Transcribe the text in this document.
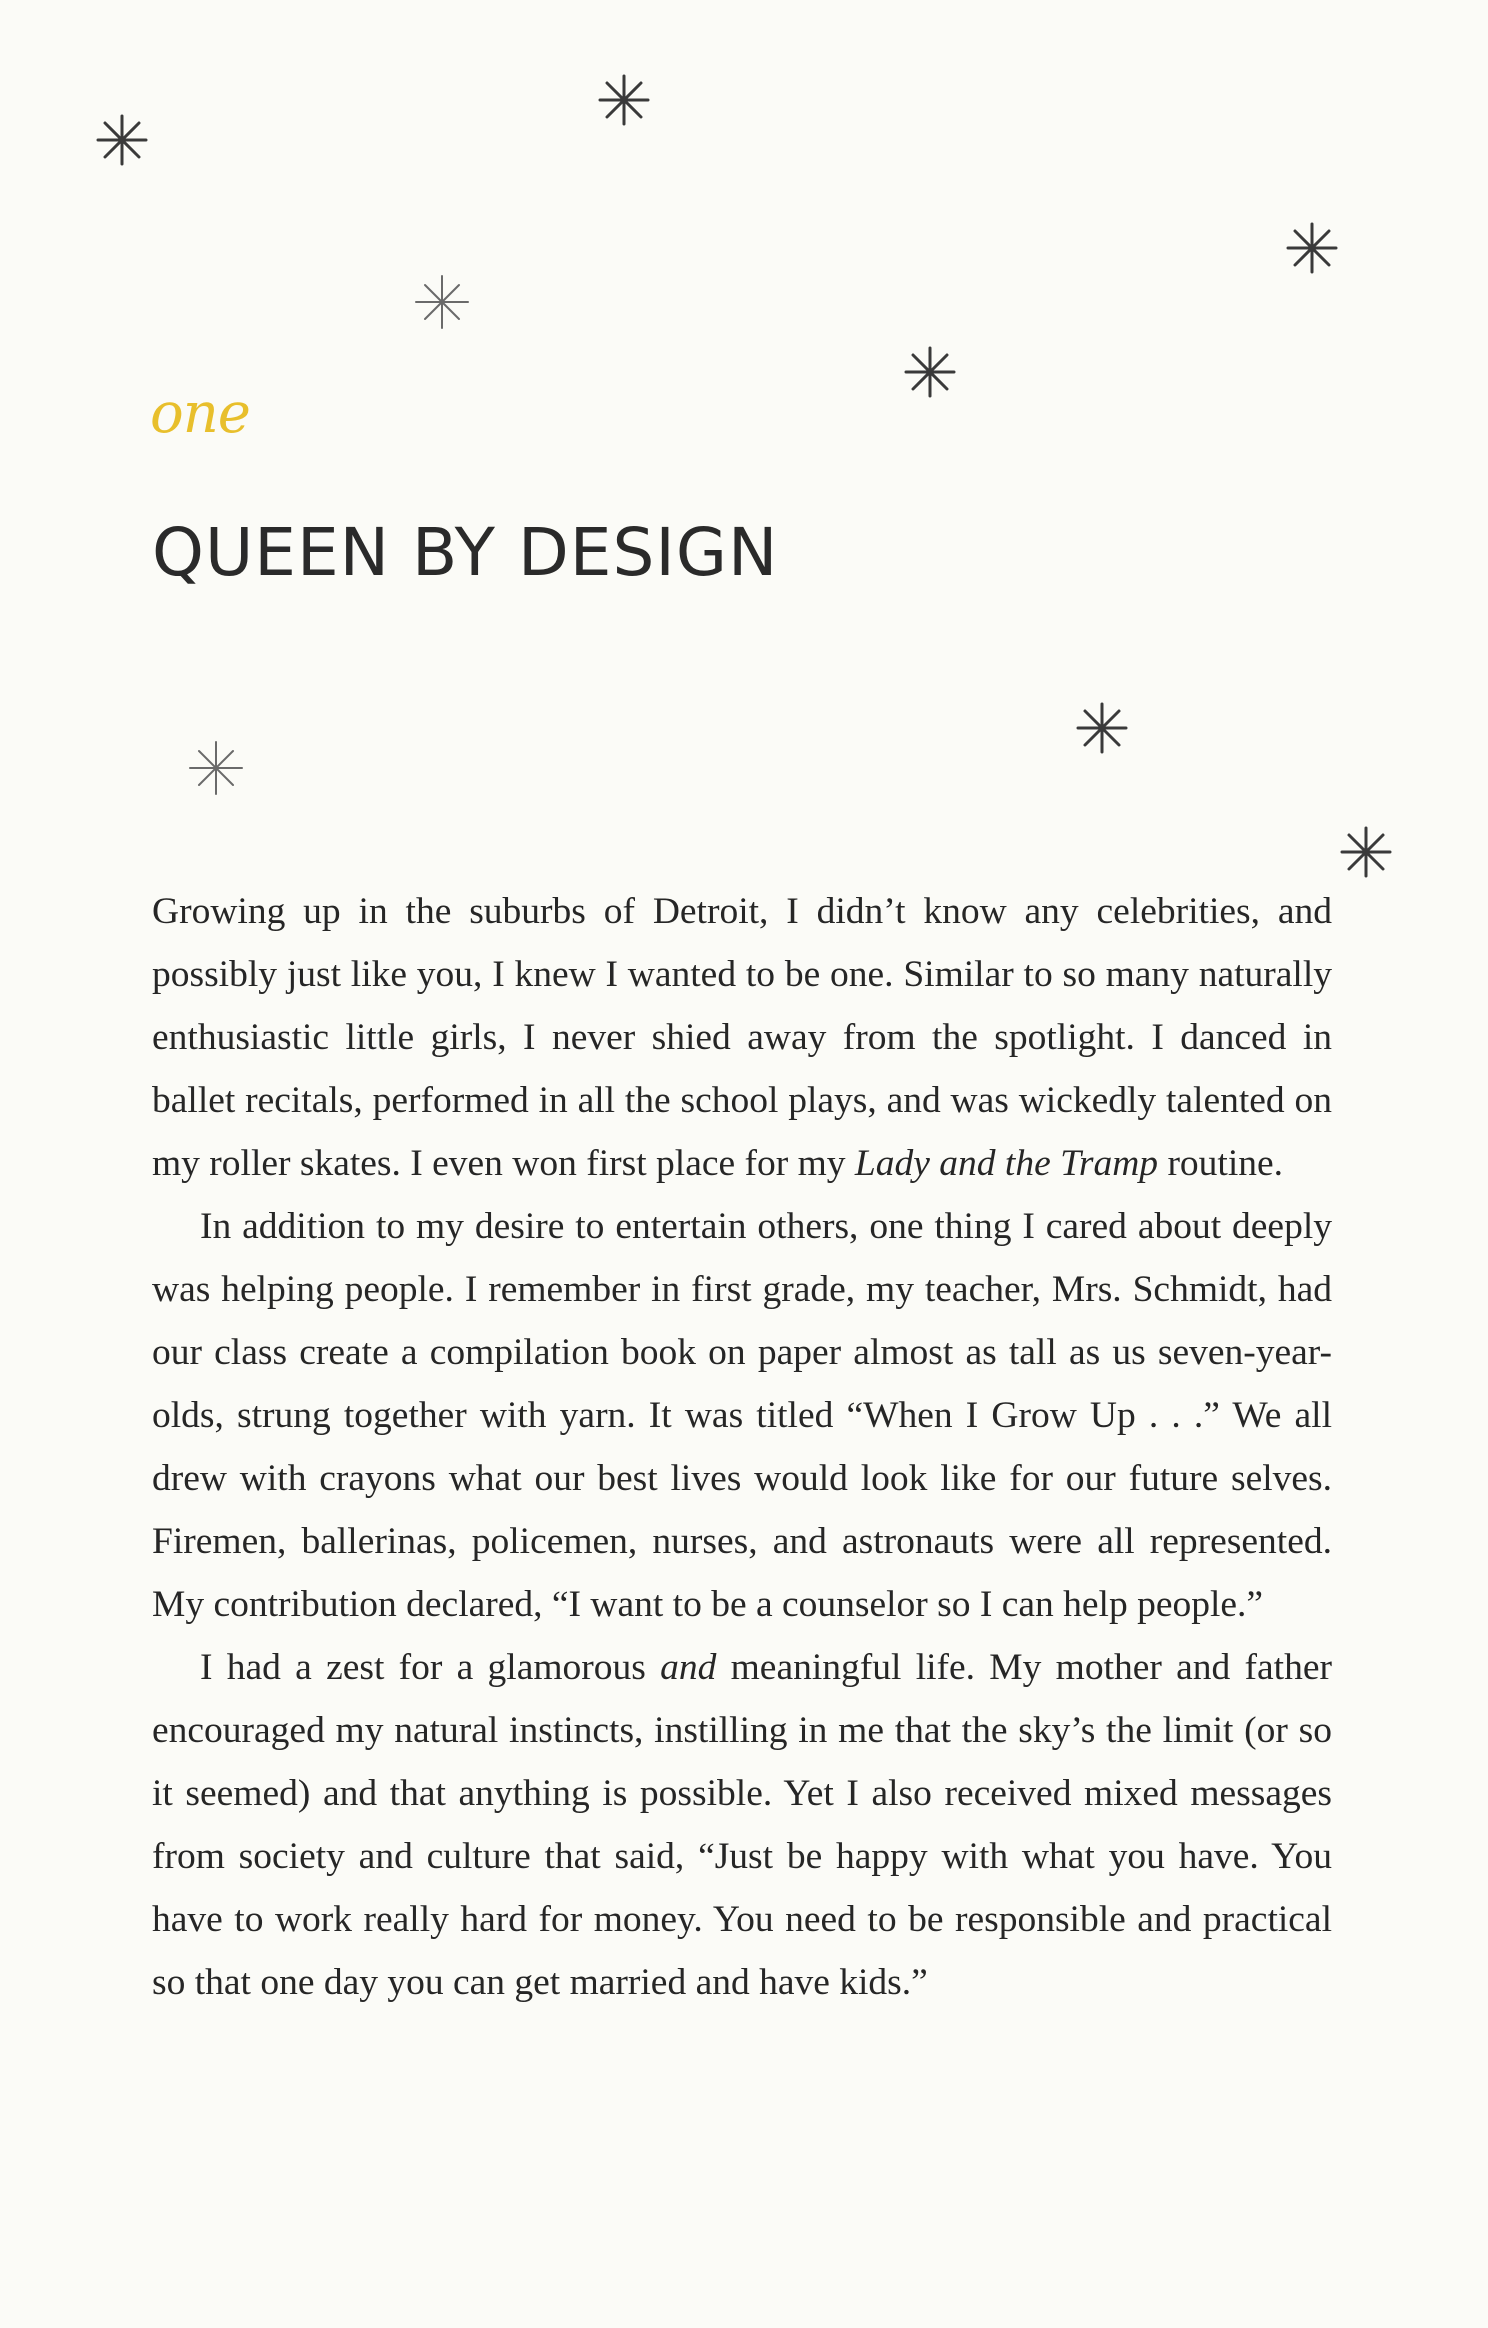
one
QUEEN BY DESIGN

Growing up in the suburbs of Detroit, I didn’t know any celebrities, and possibly just like you, I knew I wanted to be one. Similar to so many naturally enthusiastic little girls, I never shied away from the spotlight. I danced in ballet recitals, performed in all the school plays, and was wickedly talented on my roller skates. I even won first place for my Lady and the Tramp routine.

In addition to my desire to entertain others, one thing I cared about deeply was helping people. I remember in first grade, my teacher, Mrs. Schmidt, had our class create a compilation book on paper almost as tall as us seven-year-olds, strung together with yarn. It was titled “When I Grow Up . . .” We all drew with crayons what our best lives would look like for our future selves. Firemen, ballerinas, policemen, nurses, and astronauts were all represented. My contribution declared, “I want to be a counselor so I can help people.”

I had a zest for a glamorous and meaningful life. My mother and father encouraged my natural instincts, instilling in me that the sky’s the limit (or so it seemed) and that anything is possible. Yet I also received mixed messages from society and culture that said, “Just be happy with what you have. You have to work really hard for money. You need to be responsible and practical so that one day you can get married and have kids.”
